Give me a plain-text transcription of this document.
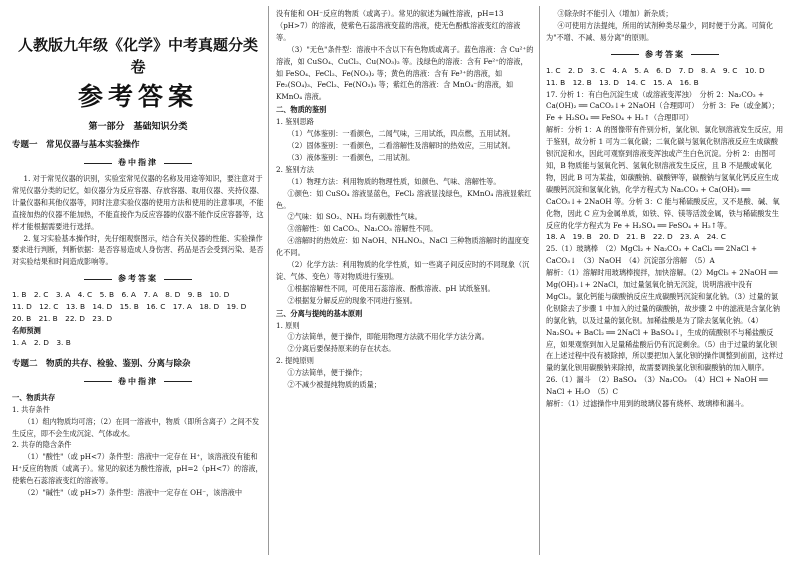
人教版九年级《化学》中考真题分类卷

参考答案

第一部分　基础知识分类

专题一　常见仪器与基本实验操作

卷中指津

1. 对于常见仪器的识别，实验室常见仪器的名称及用途等知识，要注意对于常见仪器分类的记忆，如仪器分为反应容器、存放容器、取用仪器、夹持仪器、计量仪器和其他仪器等，同时注意实验仪器的使用方法和使用的注意事项，不能直接加热的仪器不能加热，不能直接作为反应容器的仪器不能作反应容器等，这样才能根据需要进行选择。

2. 复习实验基本操作时，先仔细观察图示，结合有关仪器的性能、实验操作要求进行判断，判断依据：是否容易造成人身伤害、药品是否会受到污染、是否对实验结果和时间造成影响等。

参考答案

1. B　2. C　3. A　4. C　5. B　6. A　7. A　8. D　9. B　10. D

11. D　12. C　13. B　14. D　15. B　16. C　17. A　18. D　19. D

20. B　21. B　22. D　23. D

名师预测

1. A　2. D　3. B

专题二　物质的共存、检验、鉴别、分离与除杂

卷中指津

一、物质共存

1. 共存条件

（1）组内物质均可溶；（2）在同一溶液中，物质（即所含离子）之间不发生反应，即不会生成沉淀、气体或水。

2. 共存的隐含条件

（1）"酸性"（或 pH<7）条件型：溶液中一定存在 H⁺，该溶液没有能和 H⁺反应的物质（或离子）。常见的叙述为酸性溶液，pH=2（pH<7）的溶液，使紫色石蕊溶液变红的溶液等。

（2）"碱性"（或 pH>7）条件型：溶液中一定存在 OH⁻，该溶液中

没有能和 OH⁻反应的物质（或离子）。常见的叙述为碱性溶液，pH=13（pH>7）的溶液，使紫色石蕊溶液变蓝的溶液，使无色酚酞溶液变红的溶液等。

（3）"无色"条件型：溶液中不含以下有色物质或离子。蓝色溶液：含 Cu²⁺的溶液，如 CuSO₄、CuCl₂、Cu(NO₃)₂ 等。浅绿色的溶液：含有 Fe²⁺的溶液，如 FeSO₄、FeCl₂、Fe(NO₃)₂ 等；黄色的溶液：含有 Fe³⁺的溶液，如 Fe₂(SO₄)₃、FeCl₃、Fe(NO₃)₃ 等；紫红色的溶液：含 MnO₄⁻的溶液，如 KMnO₄ 溶液。

二、物质的鉴别

1. 鉴别思路

（1）气体鉴别：一看颜色，二闻气味，三用试纸，四点燃，五用试剂。

（2）固体鉴别：一看颜色，二看溶解性及溶解时的热效应，三用试剂。

（3）液体鉴别：一看颜色，二用试剂。

2. 鉴别方法

（1）物理方法：利用物质的物理性质，如颜色、气味、溶解性等。

①颜色：如 CuSO₄ 溶液显蓝色，FeCl₂ 溶液显浅绿色，KMnO₄ 溶液显紫红色。

②气味：如 SO₂、NH₃ 均有刺激性气味。

③溶解性：如 CaCO₃、Na₂CO₃ 溶解性不同。

④溶解时的热效应：如 NaOH、NH₄NO₃、NaCl 三种物质溶解时的温度变化不同。

（2）化学方法：利用物质的化学性质，如一些离子间反应时的不同现象（沉淀、气体、变色）等对物质进行鉴别。

①根据溶解性不同，可使用石蕊溶液、酚酞溶液、pH 试纸鉴别。

②根据复分解反应的现象不同进行鉴别。

三、分离与提纯的基本原则

1. 原则

①方法简单，便于操作，即能用物理方法就不用化学方法分离。

②分离后要保持原来的存在状态。

2. 提纯原则

①方法简单，便于操作；

②不减少被提纯物质的质量；

③除杂时不能引入（增加）新杂质；

④可使用方法提纯，所用的试剂种类尽量少，同时便于分离。可简化为"不增、不减、易分离"的原则。

参考答案

1. C　2. D　3. C　4. A　5. A　6. D　7. D　8. A　9. C　10. D

11. B　12. B　13. D　14. C　15. A　16. B

17. 分析 1：有白色沉淀生成（或溶液变浑浊）　分析 2：Na₂CO₃ + Ca(OH)₂ ══ CaCO₃↓+ 2NaOH（合理即可）　分析 3：Fe（或金属）；Fe + H₂SO₄ ══ FeSO₄ + H₂↑（合理即可）

解析：分析 1：A 的图像带有件别分析，氯化钡、氯化钡溶液发生反应，用于鉴别，故分析 1 可为二氧化碳；二氧化碳与氢氧化钡溶液反应生成碳酸钡沉淀和水，因此可观察到溶液变浑浊或产生白色沉淀。分析 2：由图可知，B 物质能与氢氧化钙、氢氧化钡溶液发生反应，且 B 不是酸或氧化物，因此 B 可为某盐，如碳酸钠、碳酸钾等，碳酸钠与氢氧化钙反应生成碳酸钙沉淀和氢氧化钠，化学方程式为 Na₂CO₃ + Ca(OH)₂ ══ CaCO₃↓+ 2NaOH 等。分析 3：C 能与稀硫酸反应，又不是酸、碱、氧化物，因此 C 应为金属单质，如铁、锌、镁等活泼金属，铁与稀硫酸发生反应的化学方程式为 Fe + H₂SO₄ ══ FeSO₄ + H₂↑等。

18. A　19. B　20. D　21. B　22. D　23. A　24. C

25.（1）玻璃棒　（2）MgCl₂ + Na₂CO₃ + CaCl₂ ══ 2NaCl + CaCO₃↓　（3）NaOH　（4）沉淀部分溶解　（5）A

解析：（1）溶解时用玻璃棒搅拌，加快溶解。（2）MgCl₂ + 2NaOH ══ Mg(OH)₂↓+ 2NaCl，加过量氢氧化钠无沉淀，说明溶液中没有 MgCl₂。氯化钙能与碳酸钠反应生成碳酸钙沉淀和氯化钠。（3）过量的氯化钡除去了步骤 1 中加入的过量的碳酸钠，故步骤 2 中的滤液是含氯化钠的氯化钠，以及过量的氯化钡。加稀盐酸是为了除去氢氧化钠。（4）Na₂SO₄ + BaCl₂ ══ 2NaCl + BaSO₄↓，生成的硫酸钡不与稀盐酸反应，如果观察到加入足量稀盐酸后仍有沉淀剩余。（5）由于过量的氯化钡在上述过程中没有被除掉，所以要把加入氯化钡的操作调整到前面，这样过量的氯化钡用碳酸钠来除掉，故需要调换氯化钡和碳酸钠的加入顺序。

26.（1）漏斗　（2）BaSO₄　（3）Na₂CO₃　（4）HCl + NaOH ══ NaCl + H₂O　（5）C

解析：（1）过滤操作中用到的玻璃仪器有烧杯、玻璃棒和漏斗。
